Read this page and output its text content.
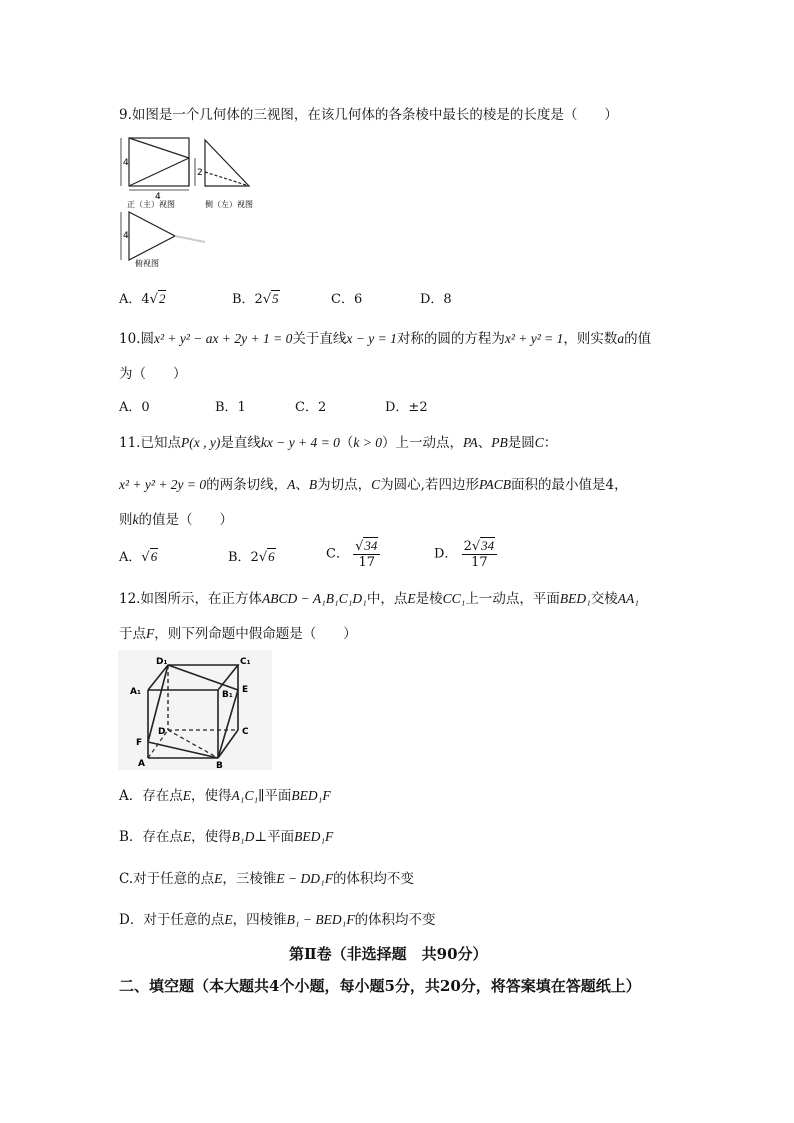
9.如图是一个几何体的三视图，在该几何体的各条棱中最长的棱是的长度是（　　）
4
2
4
正（主）视图	侧（左）视图
4
俯视图
A．4√2	B．2√5	C．6	D．8
10.圆x² + y² − ax + 2y + 1 = 0关于直线x − y = 1对称的圆的方程为x² + y² = 1，则实数a的值
为（　　）
A．0	B．1	C．2	D．±2
11.已知点P(x , y)是直线kx − y + 4 = 0（k > 0）上一动点，PA、PB是圆C：
x² + y² + 2y = 0的两条切线，A、B为切点，C为圆心,若四边形PACB面积的最小值是4，
则k的值是（　　）
A．√6	B．2√6	C． $\frac{√34}{17}$	D． $\frac{2√34}{17}$
12.如图所示，在正方体ABCD − A₁B₁C₁D₁中，点E是棱CC₁上一动点，平面BED₁交棱AA₁
于点F，则下列命题中假命题是（　　）
D₁	C₁
A₁	B₁ E
D	C
F
A	B
A．存在点E，使得A₁C₁∥平面BED₁F
B．存在点E，使得B₁D⊥平面BED₁F
C.对于任意的点E，三棱锥E − DD₁F的体积均不变
D．对于任意的点E，四棱锥B₁ − BED₁F的体积均不变
第Ⅱ卷（非选择题　共90分）
二、填空题（本大题共4个小题，每小题5分，共20分，将答案填在答题纸上）
